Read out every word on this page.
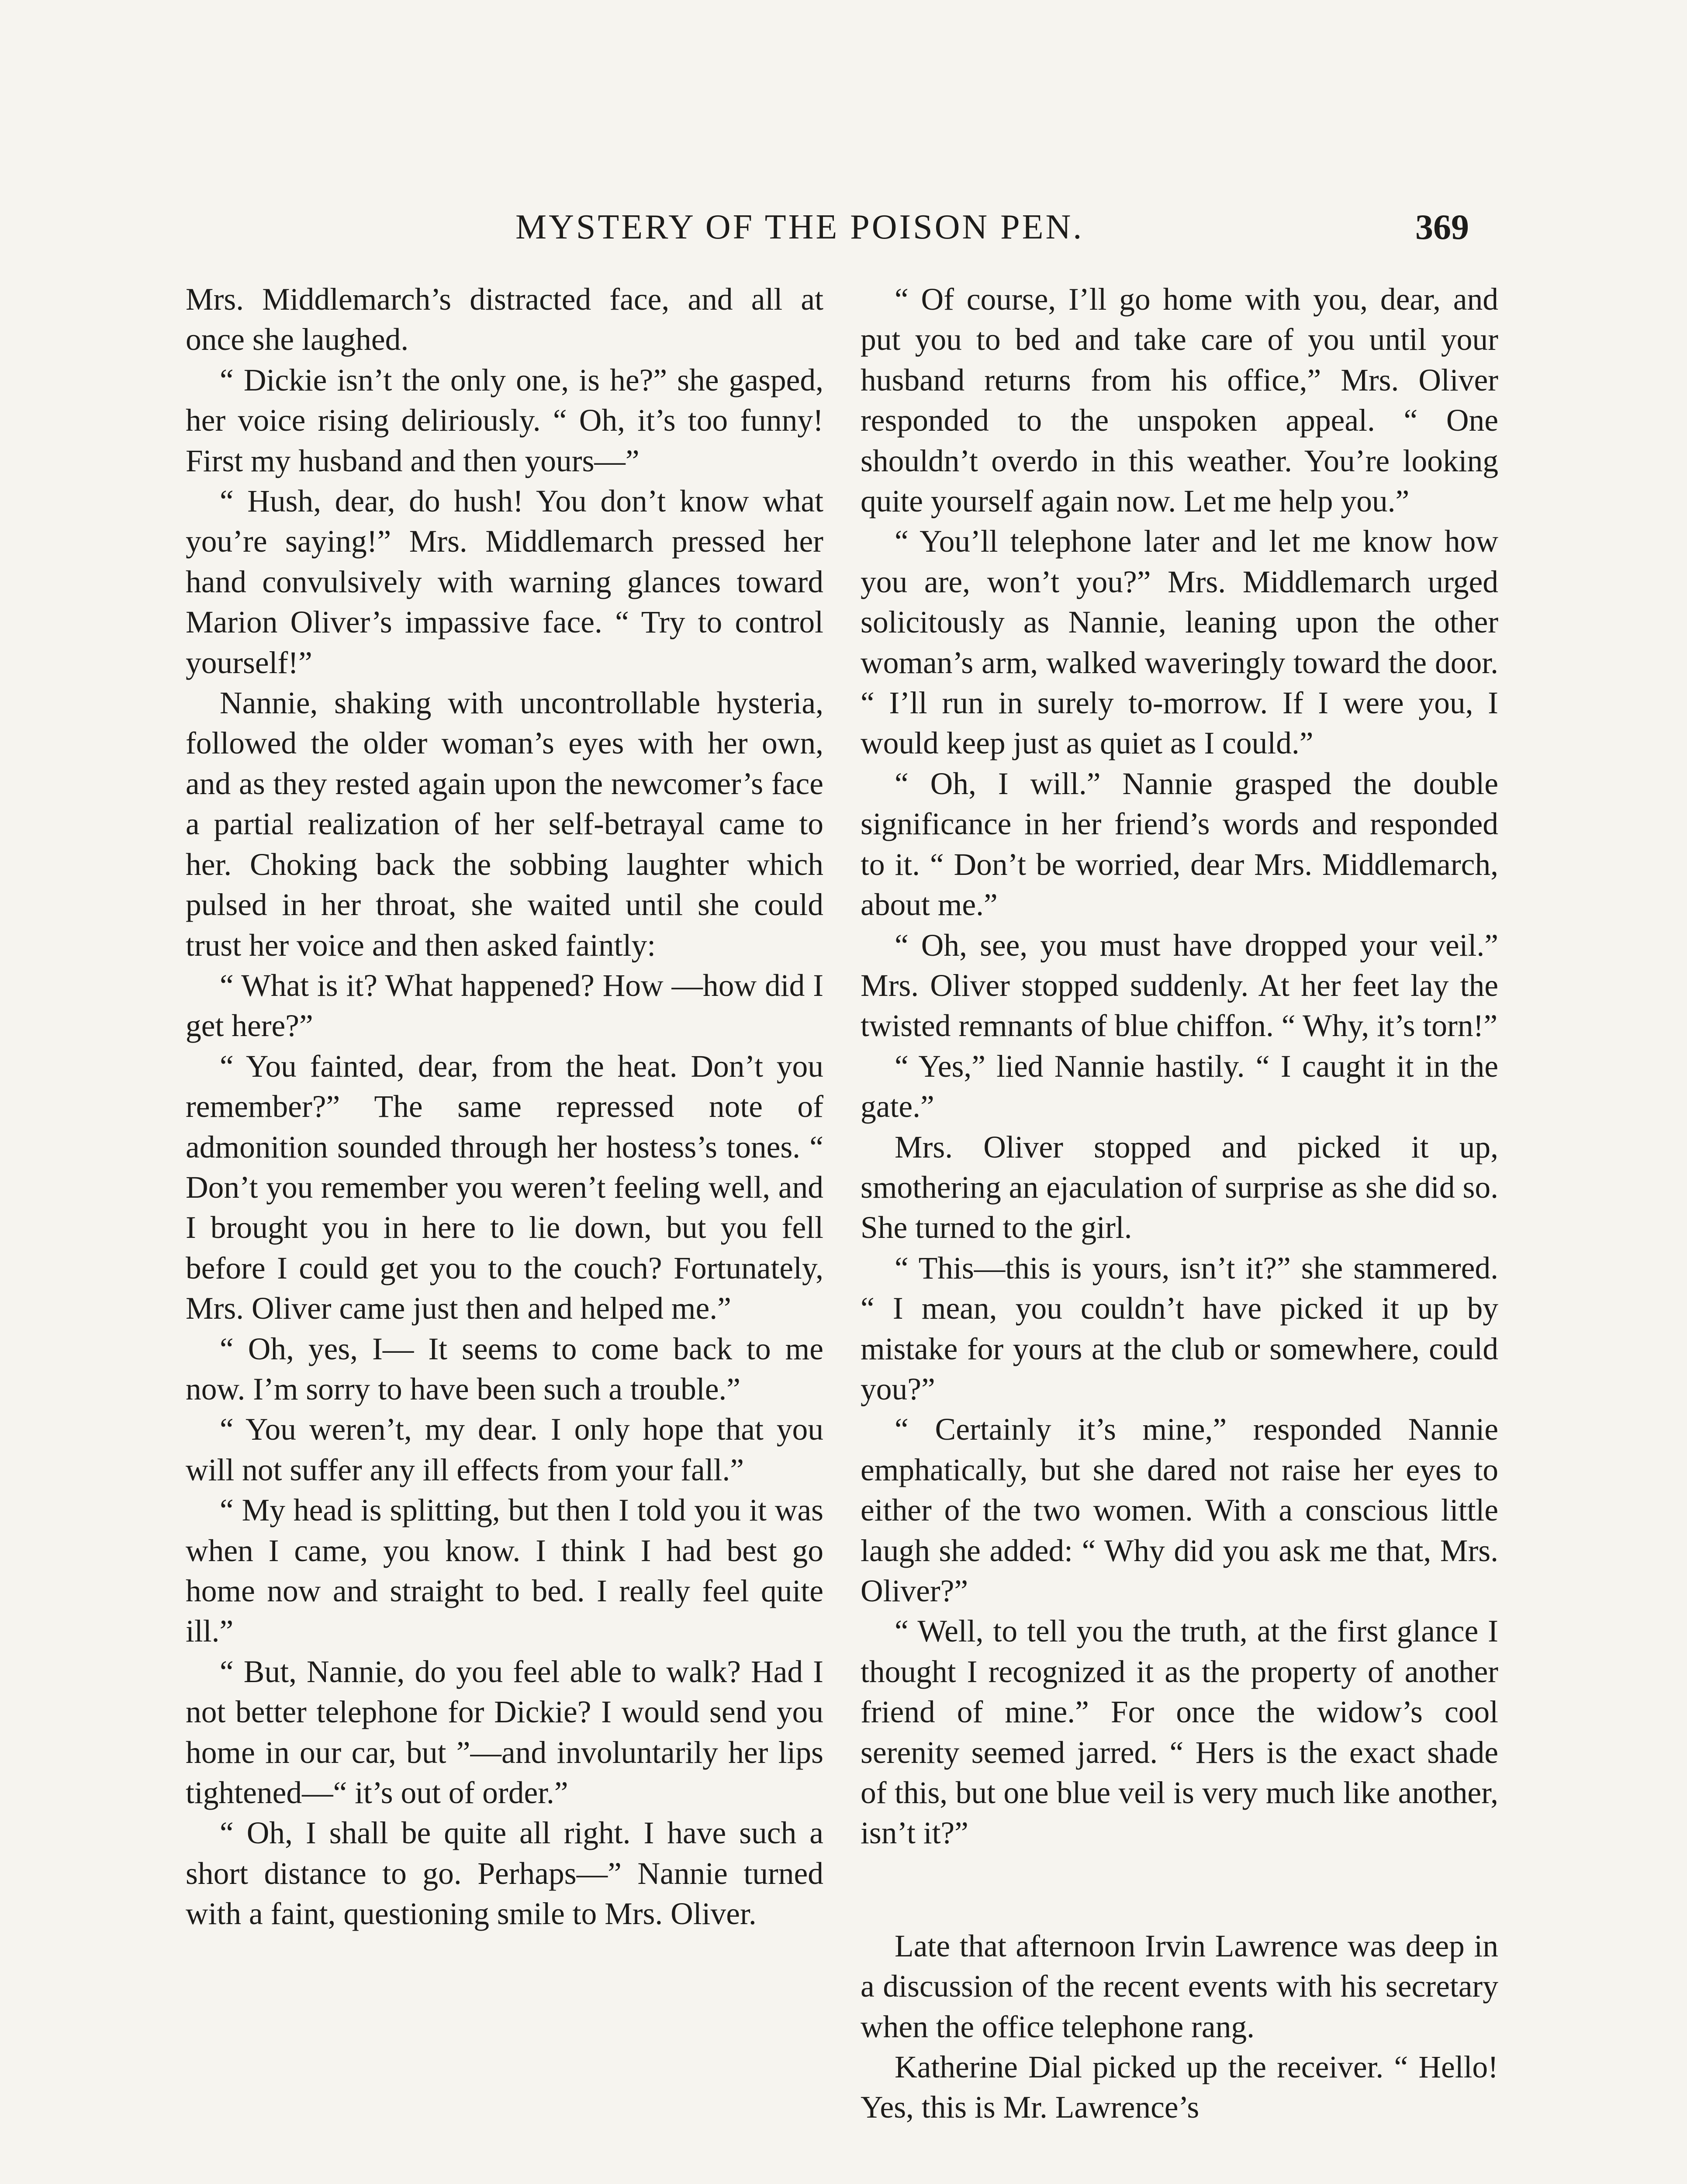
MYSTERY OF THE POISON PEN.	369

Mrs. Middlemarch’s distracted face, and all at once she laughed.

“ Dickie isn’t the only one, is he?” she gasped, her voice rising deliriously. “ Oh, it’s too funny! First my husband and then yours—”

“ Hush, dear, do hush! You don’t know what you’re saying!” Mrs. Middlemarch pressed her hand convulsively with warning glances toward Marion Oliver’s impassive face. “ Try to control yourself!”

Nannie, shaking with uncontrollable hysteria, followed the older woman’s eyes with her own, and as they rested again upon the newcomer’s face a partial realization of her self-betrayal came to her. Choking back the sobbing laughter which pulsed in her throat, she waited until she could trust her voice and then asked faintly:

“ What is it? What happened? How —how did I get here?”

“ You fainted, dear, from the heat. Don’t you remember?” The same repressed note of admonition sounded through her hostess’s tones. “ Don’t you remember you weren’t feeling well, and I brought you in here to lie down, but you fell before I could get you to the couch? Fortunately, Mrs. Oliver came just then and helped me.”

“ Oh, yes, I— It seems to come back to me now. I’m sorry to have been such a trouble.”

“ You weren’t, my dear. I only hope that you will not suffer any ill effects from your fall.”

“ My head is splitting, but then I told you it was when I came, you know. I think I had best go home now and straight to bed. I really feel quite ill.”

“ But, Nannie, do you feel able to walk? Had I not better telephone for Dickie? I would send you home in our car, but ”—and involuntarily her lips tightened—“ it’s out of order.”

“ Oh, I shall be quite all right. I have such a short distance to go. Perhaps—” Nannie turned with a faint, questioning smile to Mrs. Oliver.

“ Of course, I’ll go home with you, dear, and put you to bed and take care of you until your husband returns from his office,” Mrs. Oliver responded to the unspoken appeal. “ One shouldn’t overdo in this weather. You’re looking quite yourself again now. Let me help you.”

“ You’ll telephone later and let me know how you are, won’t you?” Mrs. Middlemarch urged solicitously as Nannie, leaning upon the other woman’s arm, walked waveringly toward the door. “ I’ll run in surely to-morrow. If I were you, I would keep just as quiet as I could.”

“ Oh, I will.” Nannie grasped the double significance in her friend’s words and responded to it. “ Don’t be worried, dear Mrs. Middlemarch, about me.”

“ Oh, see, you must have dropped your veil.” Mrs. Oliver stopped suddenly. At her feet lay the twisted remnants of blue chiffon. “ Why, it’s torn!”

“ Yes,” lied Nannie hastily. “ I caught it in the gate.”

Mrs. Oliver stopped and picked it up, smothering an ejaculation of surprise as she did so. She turned to the girl.

“ This—this is yours, isn’t it?” she stammered. “ I mean, you couldn’t have picked it up by mistake for yours at the club or somewhere, could you?”

“ Certainly it’s mine,” responded Nannie emphatically, but she dared not raise her eyes to either of the two women. With a conscious little laugh she added: “ Why did you ask me that, Mrs. Oliver?”

“ Well, to tell you the truth, at the first glance I thought I recognized it as the property of another friend of mine.” For once the widow’s cool serenity seemed jarred. “ Hers is the exact shade of this, but one blue veil is very much like another, isn’t it?”

Late that afternoon Irvin Lawrence was deep in a discussion of the recent events with his secretary when the office telephone rang.

Katherine Dial picked up the receiver. “ Hello! Yes, this is Mr. Lawrence’s
